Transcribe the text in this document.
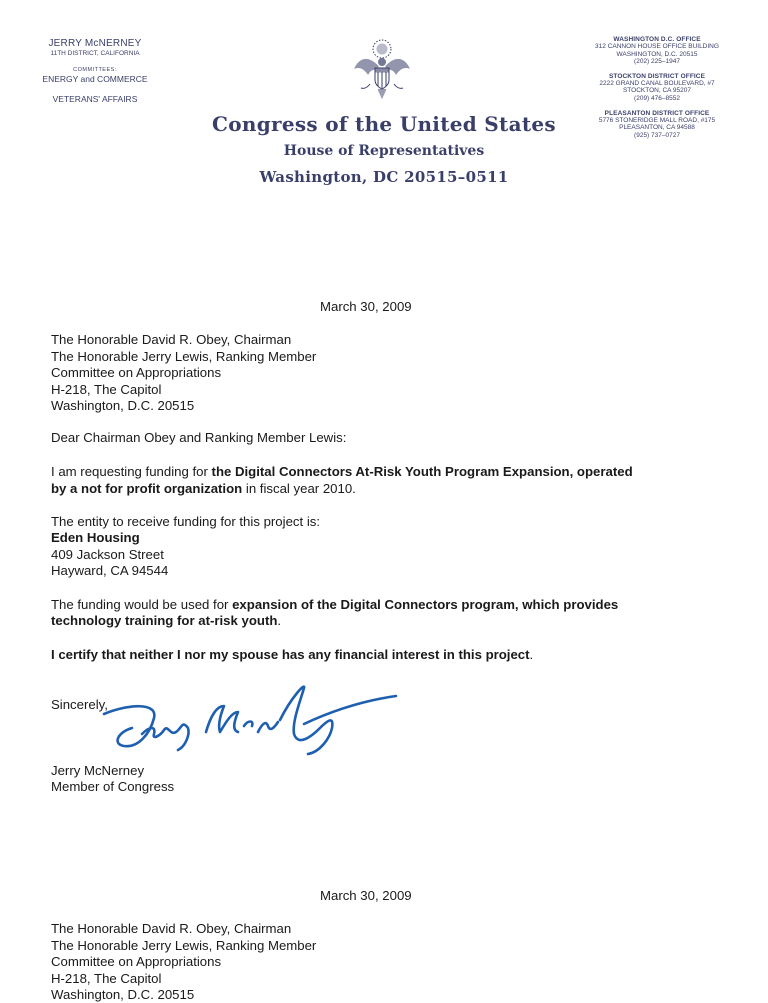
JERRY McNERNEY
11TH DISTRICT, CALIFORNIA
COMMITTEES:
ENERGY and COMMERCE
VETERANS' AFFAIRS
Congress of the United States
House of Representatives
Washington, DC 20515–0511
WASHINGTON D.C. OFFICE
312 CANNON HOUSE OFFICE BUILDING
WASHINGTON, D.C. 20515
(202) 225–1947
STOCKTON DISTRICT OFFICE
2222 GRAND CANAL BOULEVARD, #7
STOCKTON, CA 95207
(209) 476–8552
PLEASANTON DISTRICT OFFICE
5776 STONERIDGE MALL ROAD, #175
PLEASANTON, CA 94588
(925) 737–0727
March 30, 2009
The Honorable David R. Obey, Chairman
The Honorable Jerry Lewis, Ranking Member
Committee on Appropriations
H-218, The Capitol
Washington, D.C. 20515
Dear Chairman Obey and Ranking Member Lewis:
I am requesting funding for the Digital Connectors At-Risk Youth Program Expansion, operated
by a not for profit organization in fiscal year 2010.
The entity to receive funding for this project is:
Eden Housing
409 Jackson Street
Hayward, CA 94544
The funding would be used for expansion of the Digital Connectors program, which provides
technology training for at-risk youth.
I certify that neither I nor my spouse has any financial interest in this project.
Sincerely,
Jerry McNerney
Member of Congress
March 30, 2009
The Honorable David R. Obey, Chairman
The Honorable Jerry Lewis, Ranking Member
Committee on Appropriations
H-218, The Capitol
Washington, D.C. 20515
